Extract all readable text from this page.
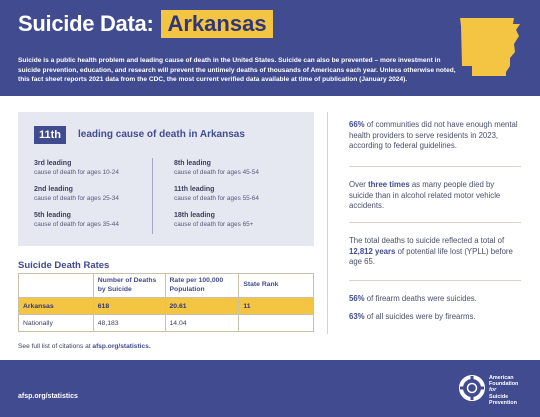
Suicide Data: Arkansas

Suicide is a public health problem and leading cause of death in the United States. Suicide can also be prevented – more investment in suicide prevention, education, and research will prevent the untimely deaths of thousands of Americans each year. Unless otherwise noted, this fact sheet reports 2021 data from the CDC, the most current verified data available at time of publication (January 2024).

11th	leading cause of death in Arkansas
3rd leading
cause of death for ages 10-24
2nd leading
cause of death for ages 25-34
5th leading
cause of death for ages 35-44
8th leading
cause of death for ages 45-54
11th leading
cause of death for ages 55-64
18th leading
cause of death for ages 65+
Suicide Death Rates
	Number of Deaths by Suicide	Rate per 100,000 Population	State Rank
Arkansas	618	20.61	11
Nationally	48,183	14.04	
See full list of citations at afsp.org/statistics.

66% of communities did not have enough mental health providers to serve residents in 2023, according to federal guidelines.

Over three times as many people died by suicide than in alcohol related motor vehicle accidents.

The total deaths to suicide reflected a total of 12,812 years of potential life lost (YPLL) before age 65.

56% of firearm deaths were suicides.

63% of all suicides were by firearms.

afsp.org/statistics
American
Foundation
for
Suicide
Prevention
